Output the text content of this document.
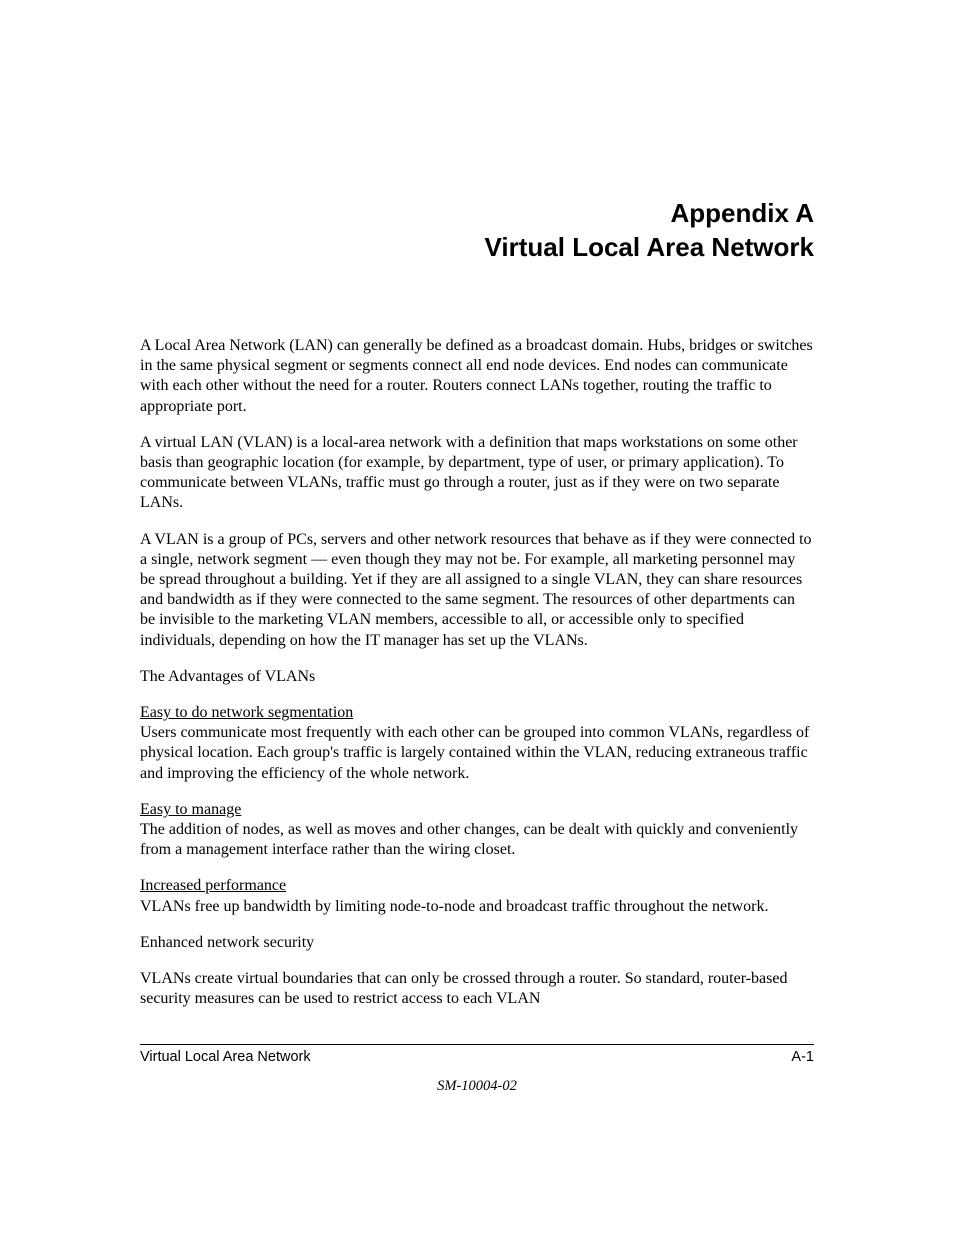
Appendix A
Virtual Local Area Network

A Local Area Network (LAN) can generally be defined as a broadcast domain. Hubs, bridges or switches in the same physical segment or segments connect all end node devices. End nodes can communicate with each other without the need for a router. Routers connect LANs together, routing the traffic to appropriate port.

A virtual LAN (VLAN) is a local-area network with a definition that maps workstations on some other basis than geographic location (for example, by department, type of user, or primary application). To communicate between VLANs, traffic must go through a router, just as if they were on two separate LANs.

A VLAN is a group of PCs, servers and other network resources that behave as if they were connected to a single, network segment — even though they may not be. For example, all marketing personnel may be spread throughout a building. Yet if they are all assigned to a single VLAN, they can share resources and bandwidth as if they were connected to the same segment. The resources of other departments can be invisible to the marketing VLAN members, accessible to all, or accessible only to specified individuals, depending on how the IT manager has set up the VLANs.

The Advantages of VLANs

Easy to do network segmentation
Users communicate most frequently with each other can be grouped into common VLANs, regardless of physical location. Each group's traffic is largely contained within the VLAN, reducing extraneous traffic and improving the efficiency of the whole network.

Easy to manage
The addition of nodes, as well as moves and other changes, can be dealt with quickly and conveniently from a management interface rather than the wiring closet.

Increased performance
VLANs free up bandwidth by limiting node-to-node and broadcast traffic throughout the network.

Enhanced network security

VLANs create virtual boundaries that can only be crossed through a router. So standard, router-based security measures can be used to restrict access to each VLAN

Virtual Local Area Network	A-1
SM-10004-02
